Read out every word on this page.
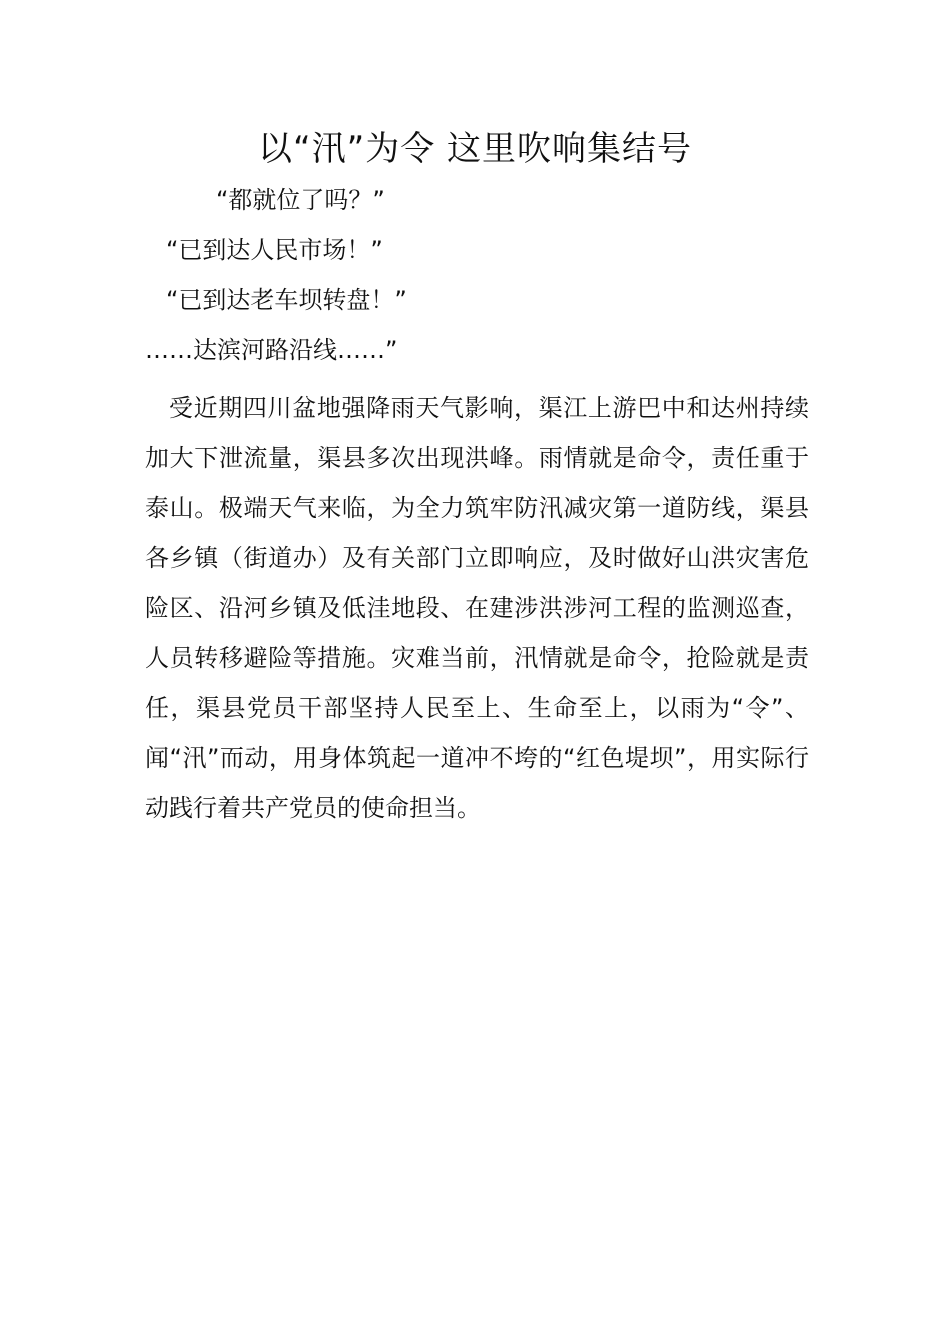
以“汛”为令 这里吹响集结号
“都就位了吗？”
“已到达人民市场！”
“已到达老车坝转盘！”
……达滨河路沿线……”

受近期四川盆地强降雨天气影响，渠江上游巴中和达州持续加大下泄流量，渠县多次出现洪峰。雨情就是命令，责任重于泰山。极端天气来临，为全力筑牢防汛减灾第一道防线，渠县各乡镇（街道办）及有关部门立即响应，及时做好山洪灾害危险区、沿河乡镇及低洼地段、在建涉洪涉河工程的监测巡查，人员转移避险等措施。灾难当前，汛情就是命令，抢险就是责任，渠县党员干部坚持人民至上、生命至上，以雨为“令”、闻“汛”而动，用身体筑起一道冲不垮的“红色堤坝”，用实际行动践行着共产党员的使命担当。
